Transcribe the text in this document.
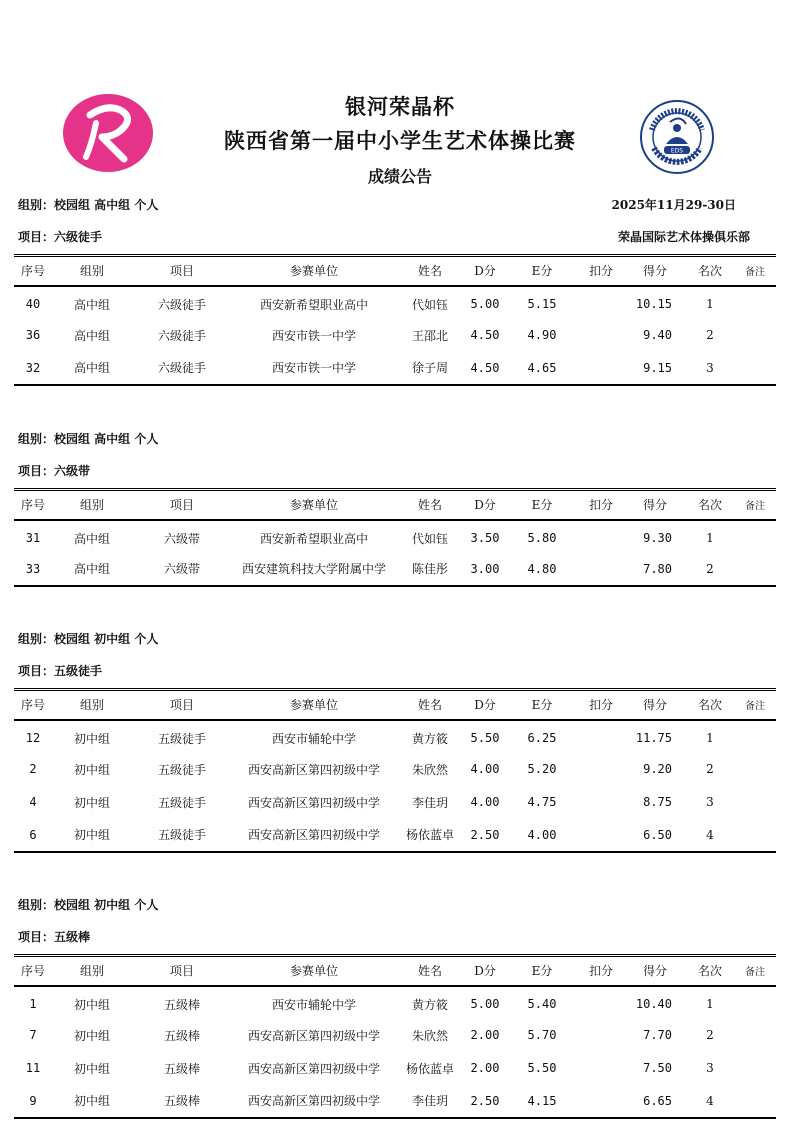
EDS
银河荣晶杯
陕西省第一届中小学生艺术体操比赛
成绩公告
组别：校园组 高中组 个人	2025年11月29-30日
项目：六级徒手	荣晶国际艺术体操俱乐部
序号	组别	项目	参赛单位	姓名	D分	E分	扣分	得分	名次	备注
40	高中组	六级徒手	西安新希望职业高中	代如钰	5.00	5.15		10.15	1	
36	高中组	六级徒手	西安市铁一中学	王邵北	4.50	4.90		9.40	2	
32	高中组	六级徒手	西安市铁一中学	徐子周	4.50	4.65		9.15	3	
组别：校园组 高中组 个人
项目：六级带
序号	组别	项目	参赛单位	姓名	D分	E分	扣分	得分	名次	备注
31	高中组	六级带	西安新希望职业高中	代如钰	3.50	5.80		9.30	1	
33	高中组	六级带	西安建筑科技大学附属中学	陈佳彤	3.00	4.80		7.80	2	
组别：校园组 初中组 个人
项目：五级徒手
序号	组别	项目	参赛单位	姓名	D分	E分	扣分	得分	名次	备注
12	初中组	五级徒手	西安市辅轮中学	黄方筱	5.50	6.25		11.75	1	
2	初中组	五级徒手	西安高新区第四初级中学	朱欣然	4.00	5.20		9.20	2	
4	初中组	五级徒手	西安高新区第四初级中学	李佳玥	4.00	4.75		8.75	3	
6	初中组	五级徒手	西安高新区第四初级中学	杨依蓝卓	2.50	4.00		6.50	4	
组别：校园组 初中组 个人
项目：五级棒
序号	组别	项目	参赛单位	姓名	D分	E分	扣分	得分	名次	备注
1	初中组	五级棒	西安市辅轮中学	黄方筱	5.00	5.40		10.40	1	
7	初中组	五级棒	西安高新区第四初级中学	朱欣然	2.00	5.70		7.70	2	
11	初中组	五级棒	西安高新区第四初级中学	杨依蓝卓	2.00	5.50		7.50	3	
9	初中组	五级棒	西安高新区第四初级中学	李佳玥	2.50	4.15		6.65	4	
